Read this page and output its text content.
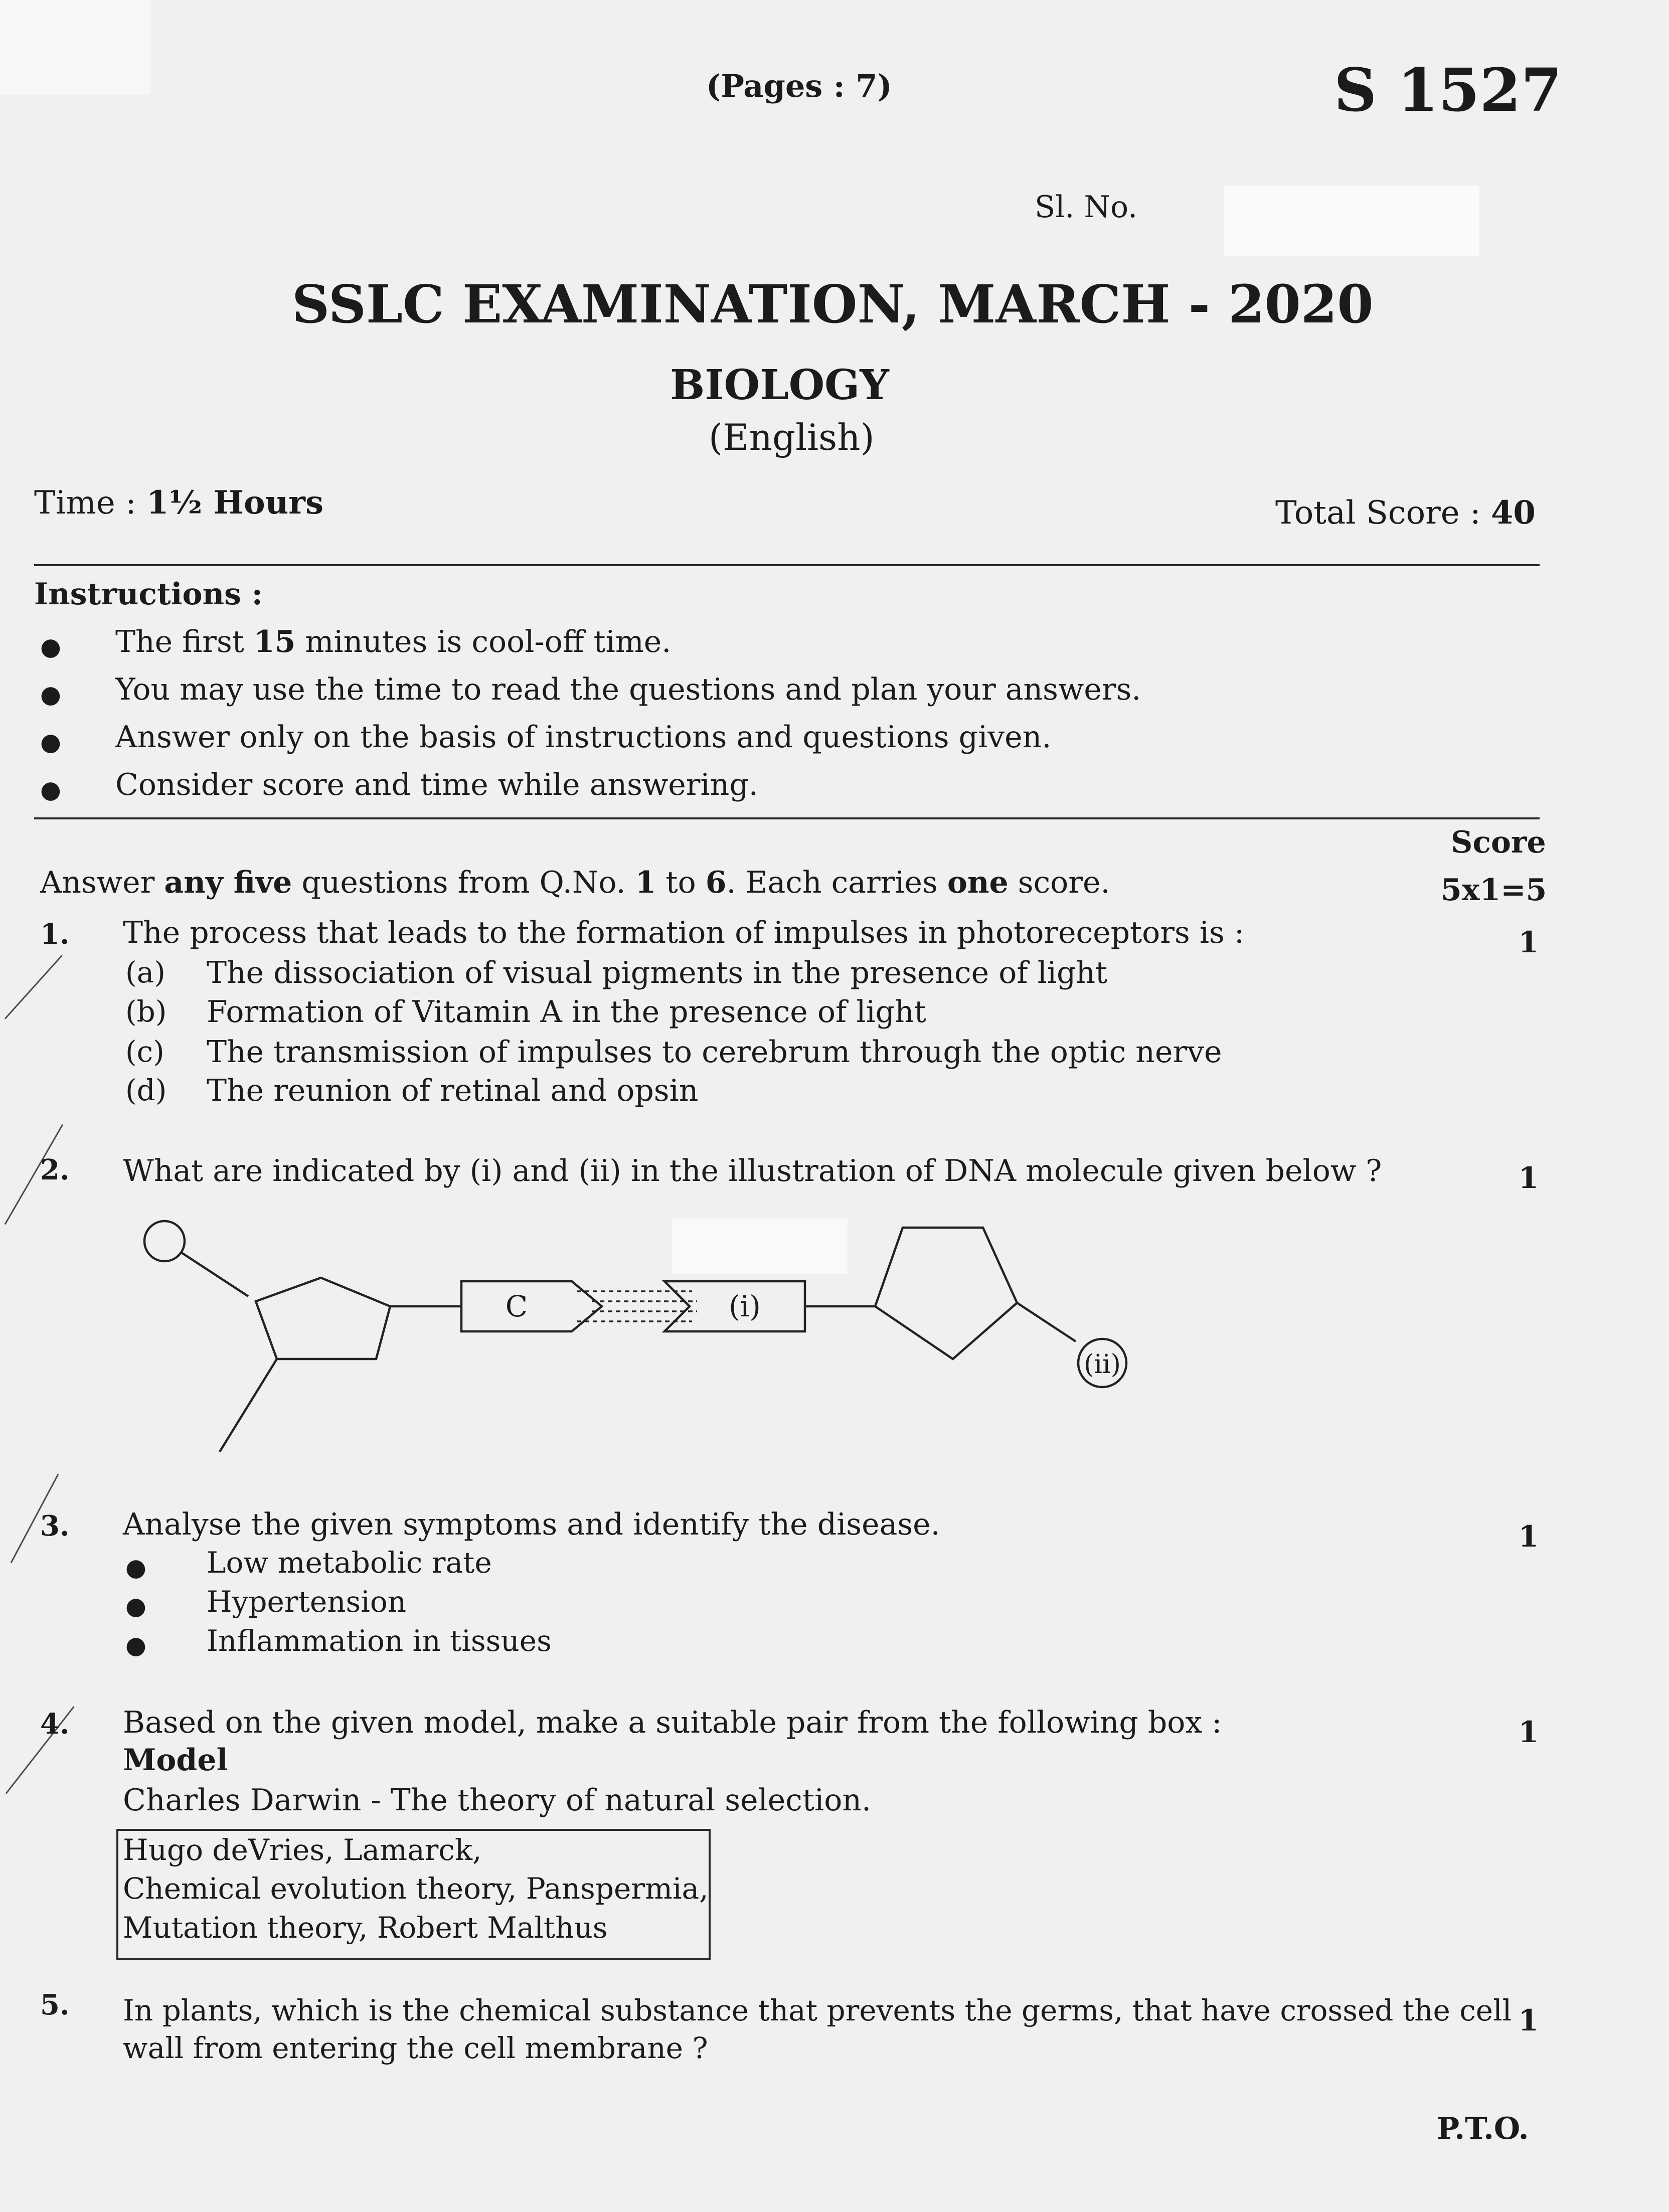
(Pages : 7)	S 1527
Sl. No.
SSLC EXAMINATION, MARCH - 2020
BIOLOGY
(English)
Time : 1½ Hours	Total Score : 40
Instructions :
● The first 15 minutes is cool-off time.
● You may use the time to read the questions and plan your answers.
● Answer only on the basis of instructions and questions given.
● Consider score and time while answering.
Score
Answer any five questions from Q.No. 1 to 6. Each carries one score.	5x1=5
1. The process that leads to the formation of impulses in photoreceptors is :	1
(a) The dissociation of visual pigments in the presence of light
(b) Formation of Vitamin A in the presence of light
(c) The transmission of impulses to cerebrum through the optic nerve
(d) The reunion of retinal and opsin
2. What are indicated by (i) and (ii) in the illustration of DNA molecule given below ?	1
C	(i)
(ii)
3. Analyse the given symptoms and identify the disease.	1
● Low metabolic rate
● Hypertension
● Inflammation in tissues
4. Based on the given model, make a suitable pair from the following box :	1
Model
Charles Darwin - The theory of natural selection.
Hugo deVries, Lamarck,
Chemical evolution theory, Panspermia,
Mutation theory, Robert Malthus
5. In plants, which is the chemical substance that prevents the germs, that have crossed the cell
wall from entering the cell membrane ?
1
P.T.O.
